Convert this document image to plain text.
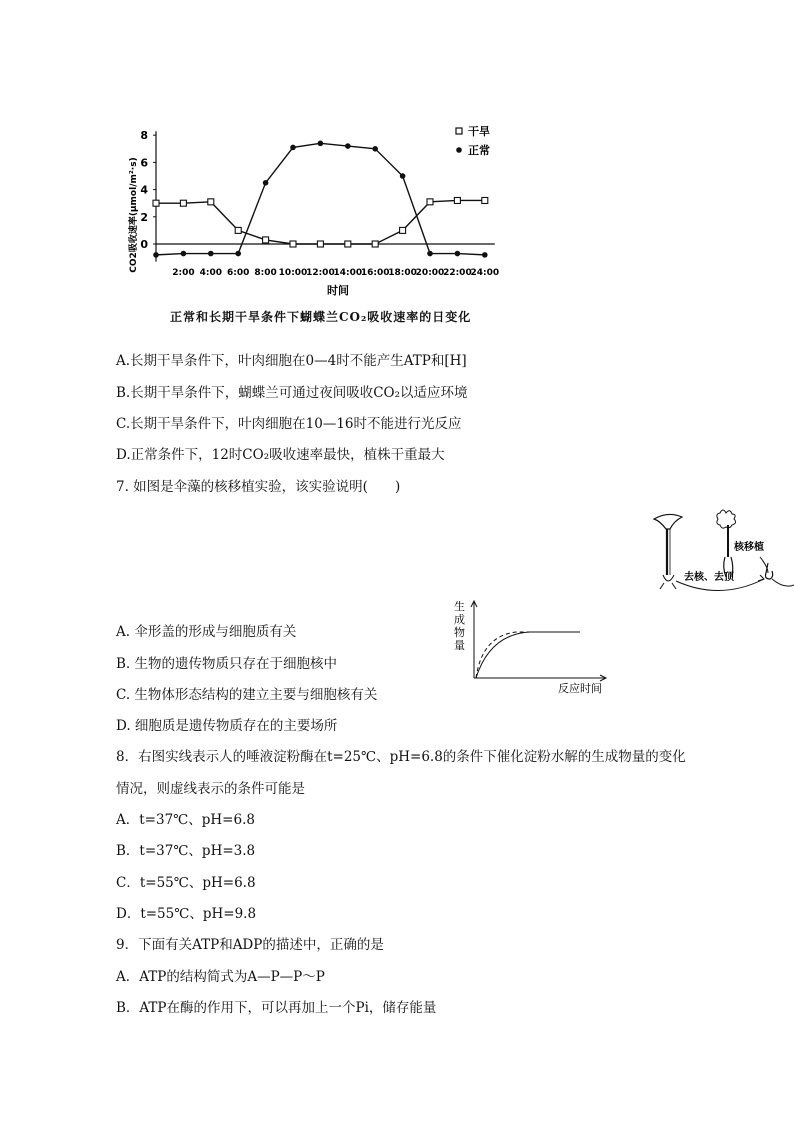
8
6
4
2
0
2:00 4:00 6:00 8:00 10:00
12:00
14:00
16:00
18:00
20:00
22:00
24:00
CO2吸收速率(μmol/m²·s)
时间
干旱
正常
正常和长期干旱条件下蝴蝶兰CO₂吸收速率的日变化
A.长期干旱条件下，叶肉细胞在0—4时不能产生ATP和[H]
B.长期干旱条件下，蝴蝶兰可通过夜间吸收CO₂以适应环境
C.长期干旱条件下，叶肉细胞在10—16时不能进行光反应
D.正常条件下，12时CO₂吸收速率最快，植株干重最大
7. 如图是伞藻的核移植实验，该实验说明(　　)
核移植
去核、去顶
生
成
物
量
反应时间
A. 伞形盖的形成与细胞质有关
B. 生物的遗传物质只存在于细胞核中
C. 生物体形态结构的建立主要与细胞核有关
D. 细胞质是遗传物质存在的主要场所
8．右图实线表示人的唾液淀粉酶在t=25℃、pH=6.8的条件下催化淀粉水解的生成物量的变化
情况，则虚线表示的条件可能是
A．t=37℃、pH=6.8
B．t=37℃、pH=3.8
C．t=55℃、pH=6.8
D．t=55℃、pH=9.8
9．下面有关ATP和ADP的描述中，正确的是
A．ATP的结构简式为A—P—P～P
B．ATP在酶的作用下，可以再加上一个Pi，储存能量
